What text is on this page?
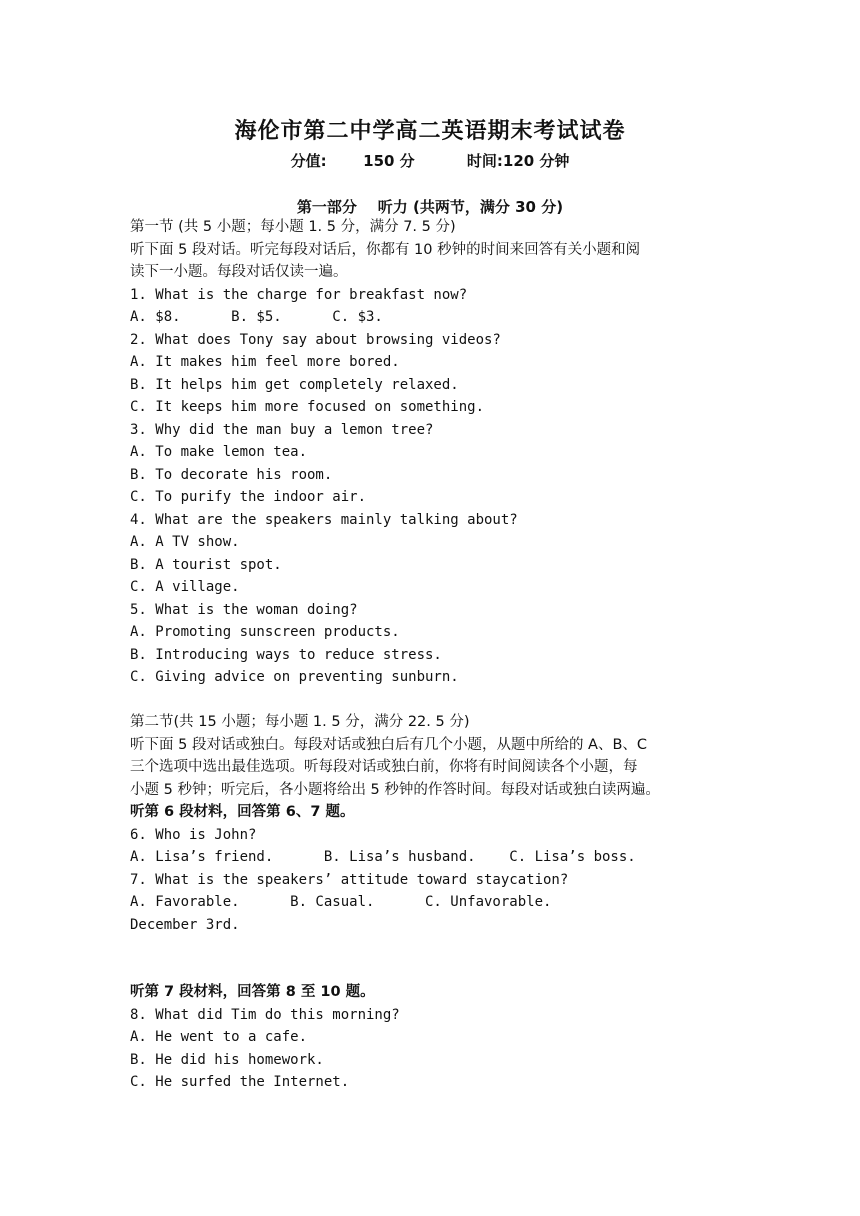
海伦市第二中学高二英语期末考试试卷
分值:       150 分          时间:120 分钟
第一部分    听力 (共两节，满分 30 分)
第一节 (共 5 小题；每小题 1. 5 分，满分 7. 5 分)
听下面 5 段对话。听完每段对话后，你都有 10 秒钟的时间来回答有关小题和阅
读下一小题。每段对话仅读一遍。
1. What is the charge for breakfast now?
A. $8.      B. $5.      C. $3.
2. What does Tony say about browsing videos?
A. It makes him feel more bored.
B. It helps him get completely relaxed.
C. It keeps him more focused on something.
3. Why did the man buy a lemon tree?
A. To make lemon tea.
B. To decorate his room.
C. To purify the indoor air.
4. What are the speakers mainly talking about?
A. A TV show.
B. A tourist spot.
C. A village.
5. What is the woman doing?
A. Promoting sunscreen products.
B. Introducing ways to reduce stress.
C. Giving advice on preventing sunburn.
第二节(共 15 小题；每小题 1. 5 分，满分 22. 5 分)
听下面 5 段对话或独白。每段对话或独白后有几个小题，从题中所给的 A、B、C
三个选项中选出最佳选项。听每段对话或独白前，你将有时间阅读各个小题，每
小题 5 秒钟；听完后，各小题将给出 5 秒钟的作答时间。每段对话或独白读两遍。
听第 6 段材料，回答第 6、7 题。
6. Who is John?
A. Lisa’s friend.      B. Lisa’s husband.    C. Lisa’s boss.
7. What is the speakers’ attitude toward staycation?
A. Favorable.      B. Casual.      C. Unfavorable.
December 3rd.
听第 7 段材料，回答第 8 至 10 题。
8. What did Tim do this morning?
A. He went to a cafe.
B. He did his homework.
C. He surfed the Internet.
